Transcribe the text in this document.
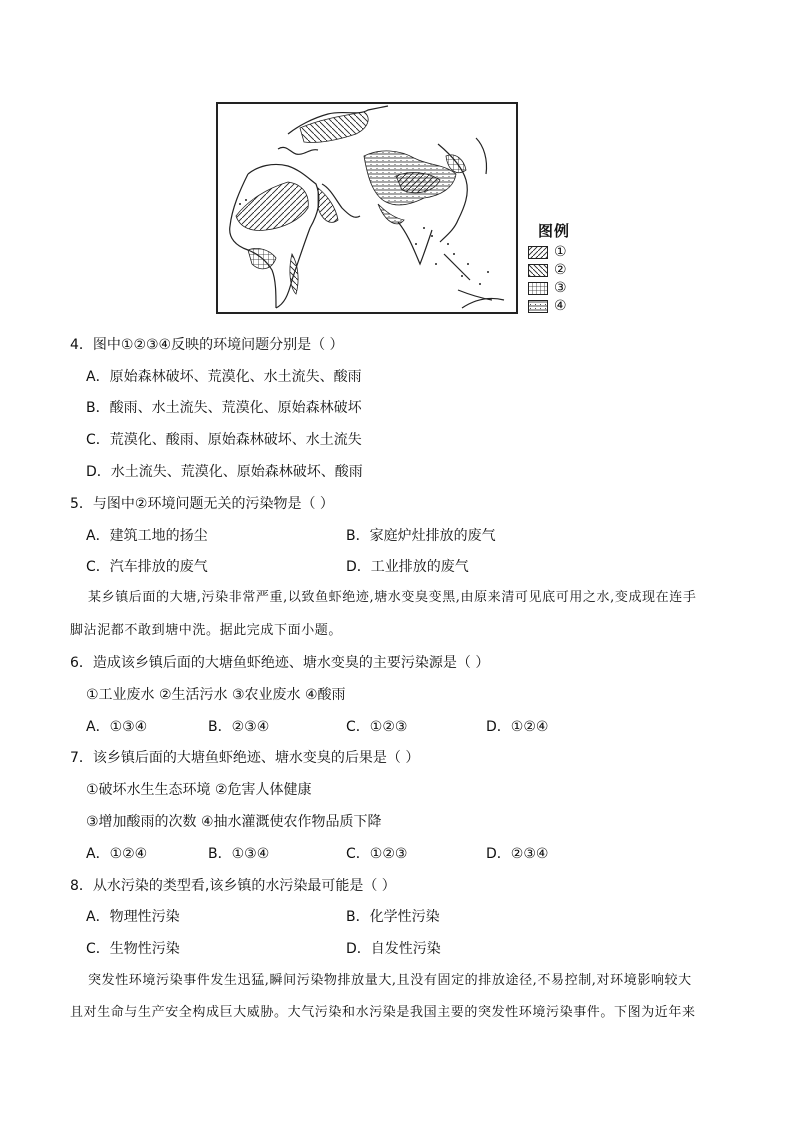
图例
①
②
③
④
4．图中①②③④反映的环境问题分别是（ ）
A．原始森林破坏、荒漠化、水土流失、酸雨
B．酸雨、水土流失、荒漠化、原始森林破坏
C．荒漠化、酸雨、原始森林破坏、水土流失
D．水土流失、荒漠化、原始森林破坏、酸雨
5．与图中②环境问题无关的污染物是（ ）
A．建筑工地的扬尘	B．家庭炉灶排放的废气
C．汽车排放的废气	D．工业排放的废气
某乡镇后面的大塘,污染非常严重,以致鱼虾绝迹,塘水变臭变黑,由原来清可见底可用之水,变成现在连手
脚沾泥都不敢到塘中洗。据此完成下面小题。
6．造成该乡镇后面的大塘鱼虾绝迹、塘水变臭的主要污染源是（ ）
①工业废水 ②生活污水 ③农业废水 ④酸雨
A．①③④	B．②③④	C．①②③	D．①②④
7．该乡镇后面的大塘鱼虾绝迹、塘水变臭的后果是（ ）
①破坏水生生态环境 ②危害人体健康
③增加酸雨的次数 ④抽水灌溉使农作物品质下降
A．①②④	B．①③④	C．①②③	D．②③④
8．从水污染的类型看,该乡镇的水污染最可能是（ ）
A．物理性污染	B．化学性污染
C．生物性污染	D．自发性污染
突发性环境污染事件发生迅猛,瞬间污染物排放量大,且没有固定的排放途径,不易控制,对环境影响较大
且对生命与生产安全构成巨大威胁。大气污染和水污染是我国主要的突发性环境污染事件。下图为近年来
